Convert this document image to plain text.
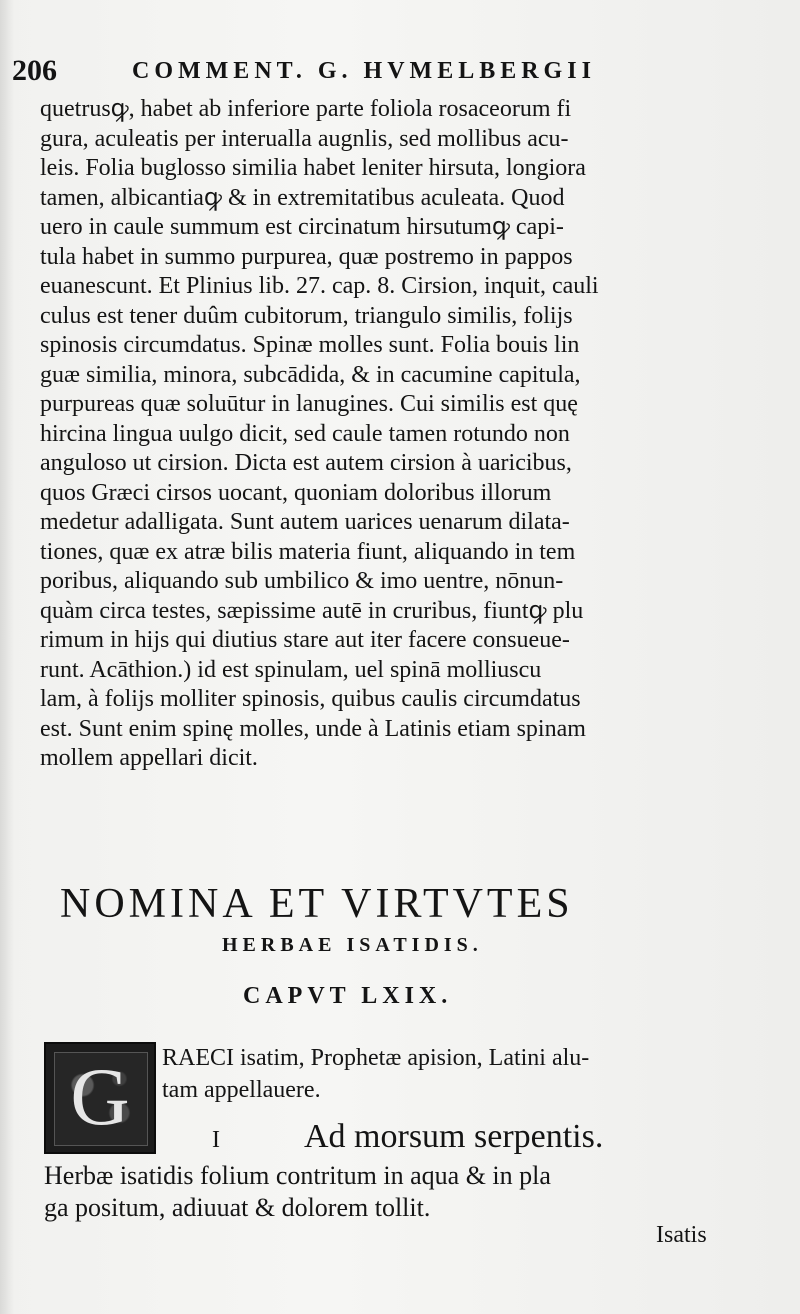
206	COMMENT. G. HVMELBERGII
quetrusꝙ, habet ab inferiore parte foliola rosaceorum fi
gura, aculeatis per interualla augnlis, sed mollibus acu-
leis. Folia buglosso similia habet leniter hirsuta, longiora
tamen, albicantiaꝙ & in extremitatibus aculeata. Quod
uero in caule summum est circinatum hirsutumꝙ capi-
tula habet in summo purpurea, quæ postremo in pappos
euanescunt. Et Plinius lib. 27. cap. 8. Cirsion, inquit, cauli
culus est tener duûm cubitorum, triangulo similis, folijs
spinosis circumdatus. Spinæ molles sunt. Folia bouis lin
guæ similia, minora, subcādida, & in cacumine capitula,
purpureas quæ soluūtur in lanugines. Cui similis est quę
hircina lingua uulgo dicit, sed caule tamen rotundo non
anguloso ut cirsion. Dicta est autem cirsion à uaricibus,
quos Græci cirsos uocant, quoniam doloribus illorum
medetur adalligata. Sunt autem uarices uenarum dilata-
tiones, quæ ex atræ bilis materia fiunt, aliquando in tem
poribus, aliquando sub umbilico & imo uentre, nōnun-
quàm circa testes, sæpissime autē in cruribus, fiuntꝙ plu
rimum in hijs qui diutius stare aut iter facere consueue-
runt. Acāthion.) id est spinulam, uel spinā molliuscu
lam, à folijs molliter spinosis, quibus caulis circumdatus
est. Sunt enim spinę molles, unde à Latinis etiam spinam
mollem appellari dicit.
NOMINA ET VIRTVTES
HERBAE ISATIDIS.
CAPVT LXIX.
G	RAECI isatim, Prophetæ apision, Latini alu-
tam appellauere.
I Ad morsum serpentis.
Herbæ isatidis folium contritum in aqua & in pla
ga positum, adiuuat & dolorem tollit.
Isatis
